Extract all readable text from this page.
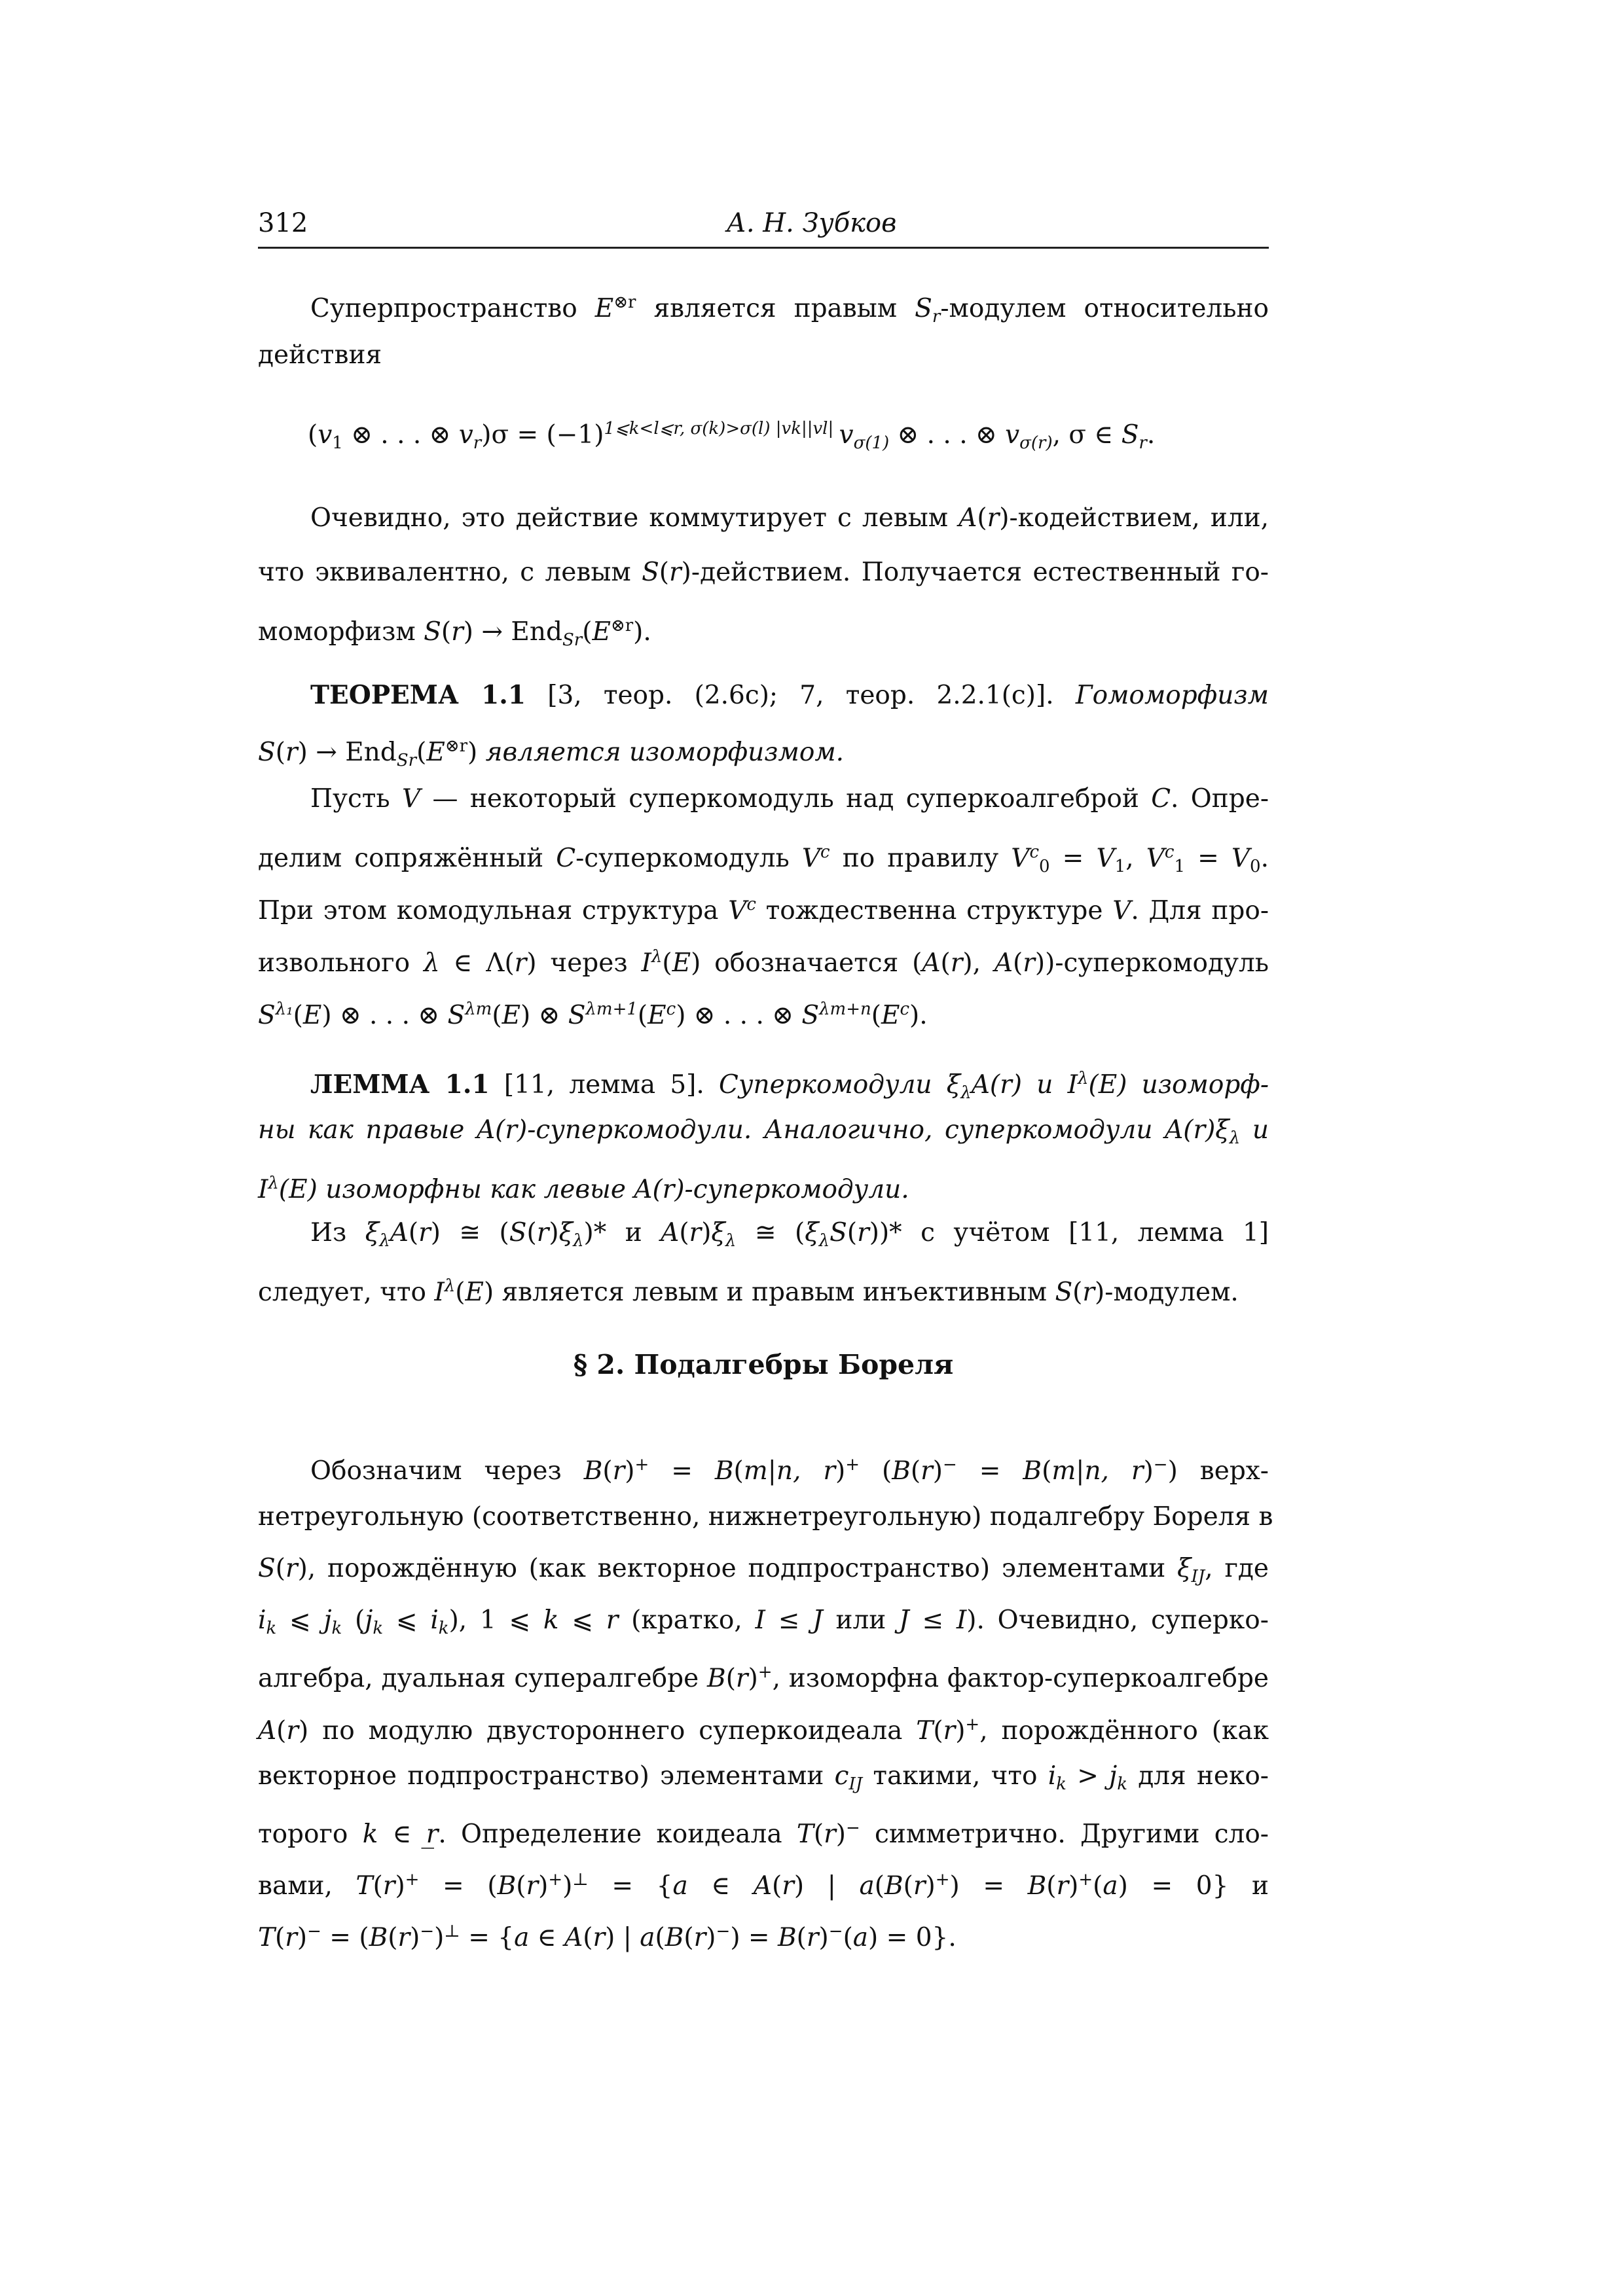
312	А. Н. Зубков
Суперпространство $E^{\otimes r}$ является правым $S_r$-модулем относительно
действия
($v_1$ ⊗ . . . ⊗ $v_r)\sigma = (-1)^{1⩽k<l⩽r, \sigma(k)>\sigma(l)}$ $^{|vk||vl|}$ $v_{\sigma(1)}$ ⊗ . . . ⊗ $v_{\sigma(r)}$, σ ∈ $S_r$.
Очевидно, это действие коммутирует с левым A(r)-кодействием, или,
что эквивалентно, с левым S(r)-действием. Получается естественный го-
моморфизм $S(r) \to End_{Sr}(E^{\otimes r})$.
ТЕОРЕМА 1.1 [3, теор. (2.6c); 7, теор. 2.2.1(c)]. Гомоморфизм
$S(r) \to End_{Sr}(E^{\otimes r})$ является изоморфизмом.
Пусть V — некоторый суперкомодуль над суперкоалгеброй C. Опре-
делим сопряжённый C-суперкомодуль $V^c$ по правилу $V^c_0 = V_1$, $V^c_1 = V_0$.
При этом комодульная структура $V^c$ тождественна структуре V. Для про-
извольного λ ∈ Λ(r) через $I^\lambda(E)$ обозначается (A(r), A(r))-суперкомодуль
$S^{\lambda_1}(E)$ ⊗ . . . ⊗ $S^{\lambda m}(E)$ ⊗ $S^{\lambda m+1}(E^c)$ ⊗ . . . ⊗ $S^{\lambda m+n}(E^c)$.
ЛЕММА 1.1 [11, лемма 5]. Суперкомодули $\xi_\lambda A(r)$ и $I^\lambda(E)$ изоморф-
ны как правые A(r)-суперкомодули. Аналогично, суперкомодули $A(r)\xi_\lambda$ и
$I^\lambda(E)$ изоморфны как левые A(r)-суперкомодули.
Из $\xi_\lambda A(r)$ ≅ $(S(r)\xi_\lambda)*$ и $A(r)\xi_\lambda$ ≅ $(\xi_\lambda S(r))*$ с учётом [11, лемма 1]
следует, что $I^\lambda(E)$ является левым и правым инъективным S(r)-модулем.
§ 2. Подалгебры Бореля
Обозначим через B(r)+ = B(m|n, r)+ (B(r)− = B(m|n, r)−) верх-
нетреугольную (соответственно, нижнетреугольную) подалгебру Бореля в
S(r), порождённую (как векторное подпространство) элементами $\xi_{IJ}$, где
$i_k$ ⩽ $j_k$ ($j_k$ ⩽ $i_k$), 1 ⩽ k ⩽ r (кратко, I ≤ J или J ≤ I). Очевидно, суперко-
алгебра, дуальная супералгебре B(r)+, изоморфна фактор-суперкоалгебре
A(r) по модулю двустороннего суперкоидеала T(r)+, порождённого (как
векторное подпространство) элементами $c_{IJ}$ такими, что $i_k > j_k$ для неко-
торого k ∈ r̲. Определение коидеала T(r)− симметрично. Другими сло-
вами, T(r)+ = (B(r)+)⊥ = {a ∈ A(r) | a(B(r)+) = B(r)+(a) = 0} и
T(r)− = (B(r)−)⊥ = {a ∈ A(r) | a(B(r)−) = B(r)−(a) = 0}.
